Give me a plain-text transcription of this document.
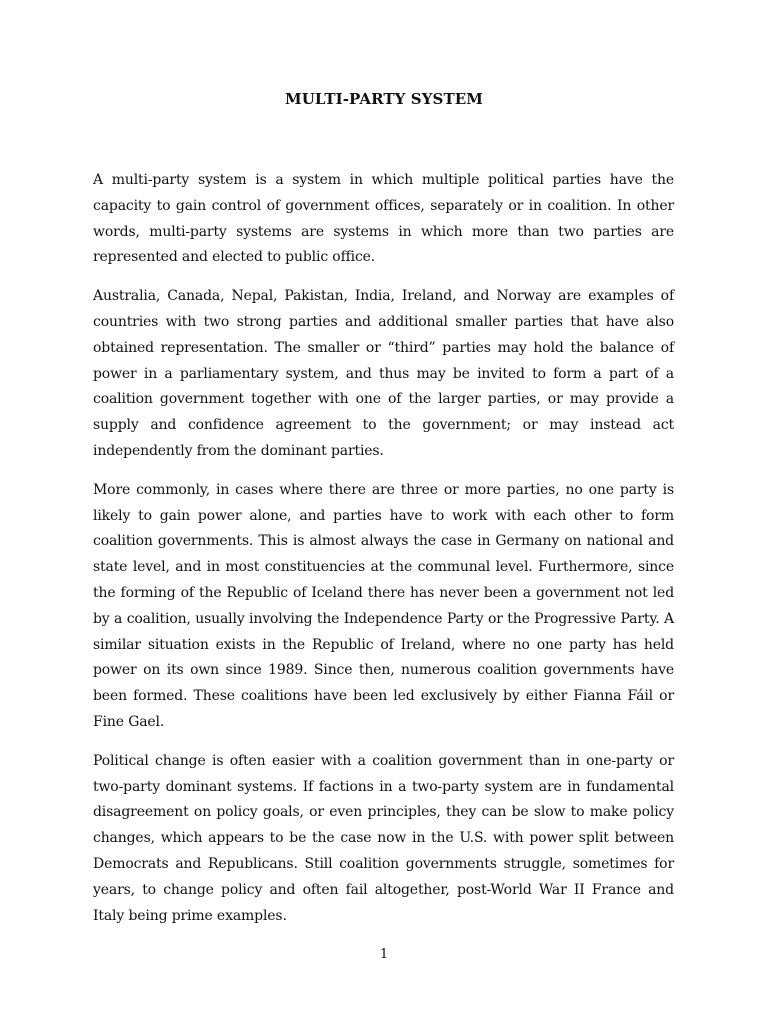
MULTI-PARTY SYSTEM

A multi-party system is a system in which multiple political parties have the capacity to gain control of government offices, separately or in coalition. In other words, multi-party systems are systems in which more than two parties are represented and elected to public office.

Australia, Canada, Nepal, Pakistan, India, Ireland, and Norway are examples of countries with two strong parties and additional smaller parties that have also obtained representation. The smaller or “third” parties may hold the balance of power in a parliamentary system, and thus may be invited to form a part of a coalition government together with one of the larger parties, or may provide a supply and confidence agreement to the government; or may instead act independently from the dominant parties.

More commonly, in cases where there are three or more parties, no one party is likely to gain power alone, and parties have to work with each other to form coalition governments. This is almost always the case in Germany on national and state level, and in most constituencies at the communal level. Furthermore, since the forming of the Republic of Iceland there has never been a government not led by a coalition, usually involving the Independence Party or the Progressive Party. A similar situation exists in the Republic of Ireland, where no one party has held power on its own since 1989. Since then, numerous coalition governments have been formed. These coalitions have been led exclusively by either Fianna Fáil or Fine Gael.

Political change is often easier with a coalition government than in one-party or two-party dominant systems. If factions in a two-party system are in fundamental disagreement on policy goals, or even principles, they can be slow to make policy changes, which appears to be the case now in the U.S. with power split between Democrats and Republicans. Still coalition governments struggle, sometimes for years, to change policy and often fail altogether, post-World War II France and Italy being prime examples.

1
